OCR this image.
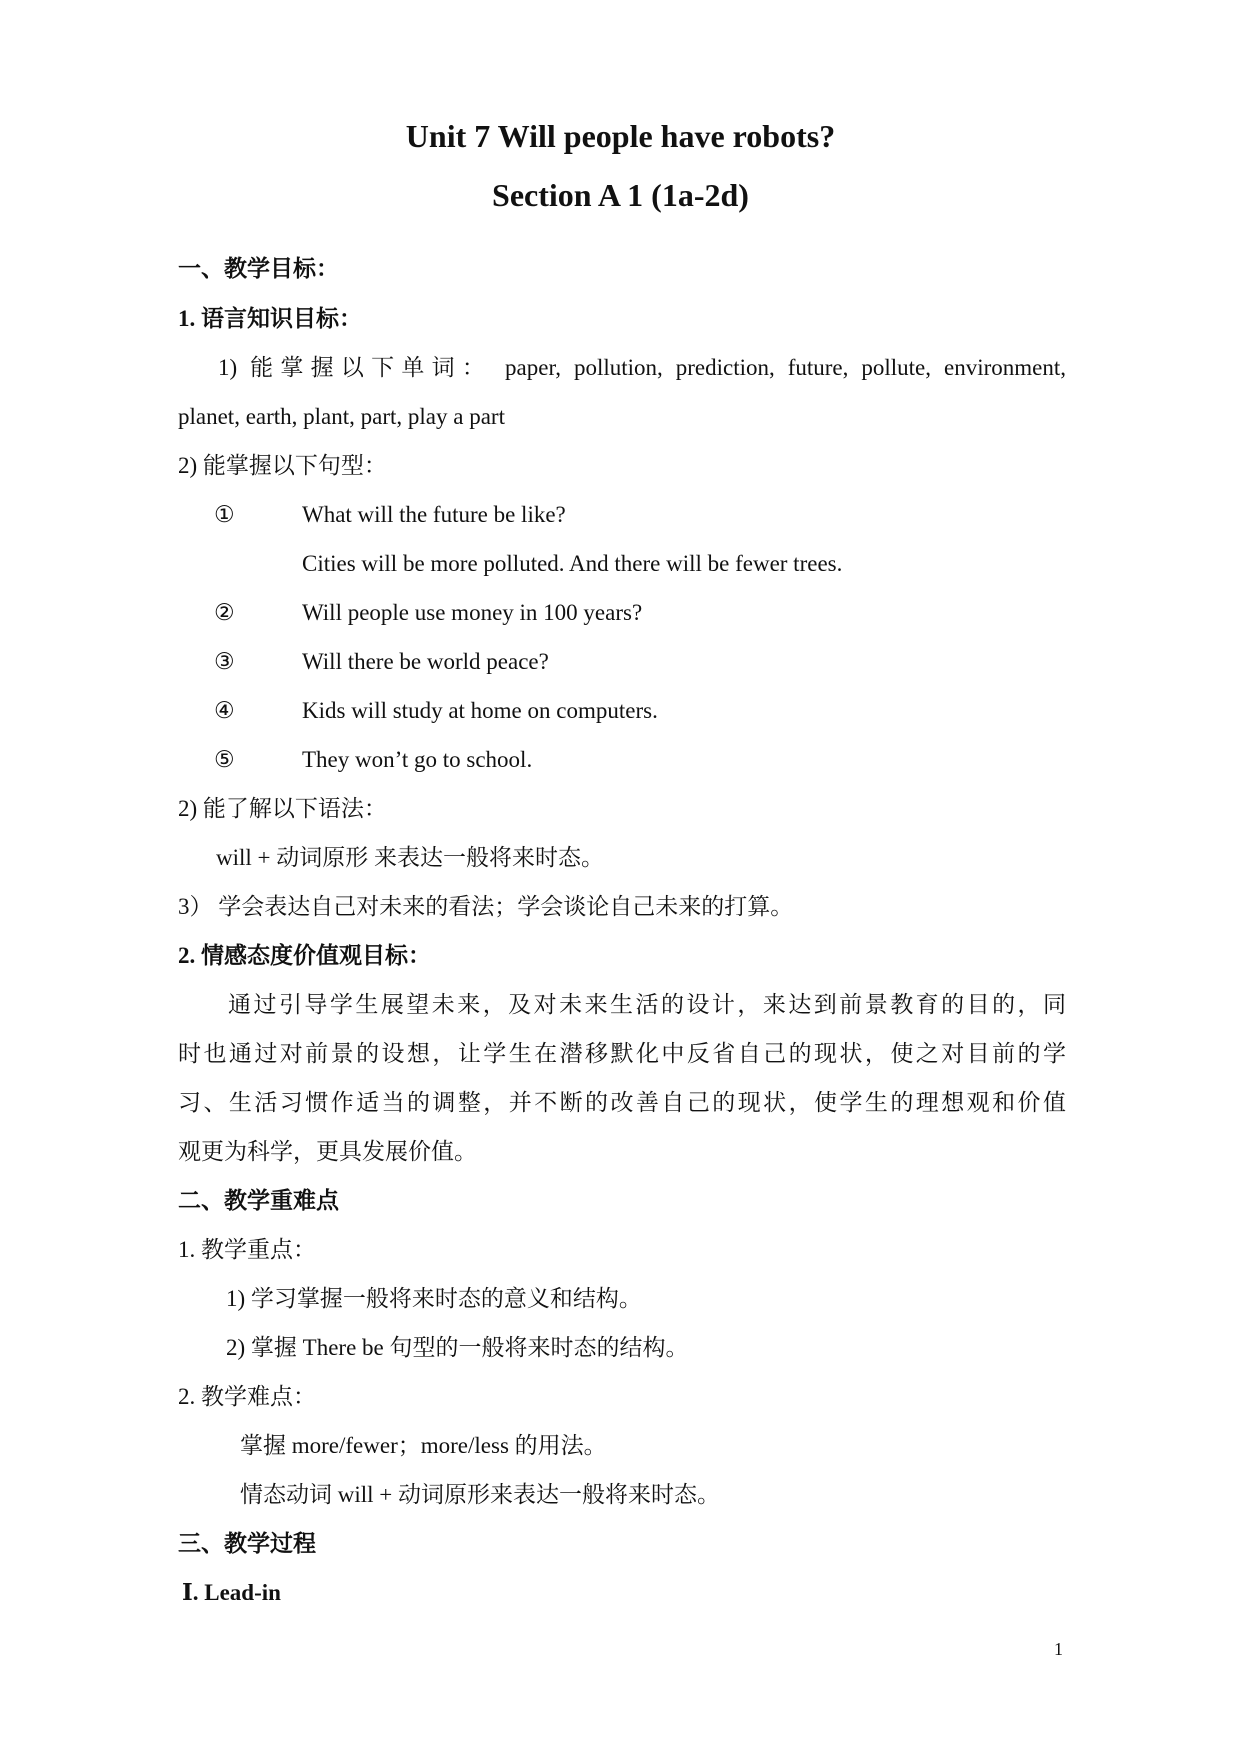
Unit 7 Will people have robots?

Section A 1 (1a-2d)

一、教学目标：

1. 语言知识目标：

1) 能掌握以下单词： paper, pollution, prediction, future, pollute, environment,

planet, earth, plant, part, play a part

2) 能掌握以下句型：

①	What will the future be like?

Cities will be more polluted. And there will be fewer trees.

②	Will people use money in 100 years?

③	Will there be world peace?

④	Kids will study at home on computers.

⑤	They won’t go to school.

2) 能了解以下语法：

will + 动词原形 来表达一般将来时态。

3） 学会表达自己对未来的看法；学会谈论自己未来的打算。

2. 情感态度价值观目标：

通过引导学生展望未来，及对未来生活的设计，来达到前景教育的目的，同

时也通过对前景的设想，让学生在潜移默化中反省自己的现状，使之对目前的学

习、生活习惯作适当的调整，并不断的改善自己的现状，使学生的理想观和价值

观更为科学，更具发展价值。

二、教学重难点

1. 教学重点：

1) 学习掌握一般将来时态的意义和结构。

2) 掌握 There be 句型的一般将来时态的结构。

2. 教学难点：

掌握 more/fewer；more/less 的用法。

情态动词 will + 动词原形来表达一般将来时态。

三、教学过程

Ⅰ. Lead-in

1
